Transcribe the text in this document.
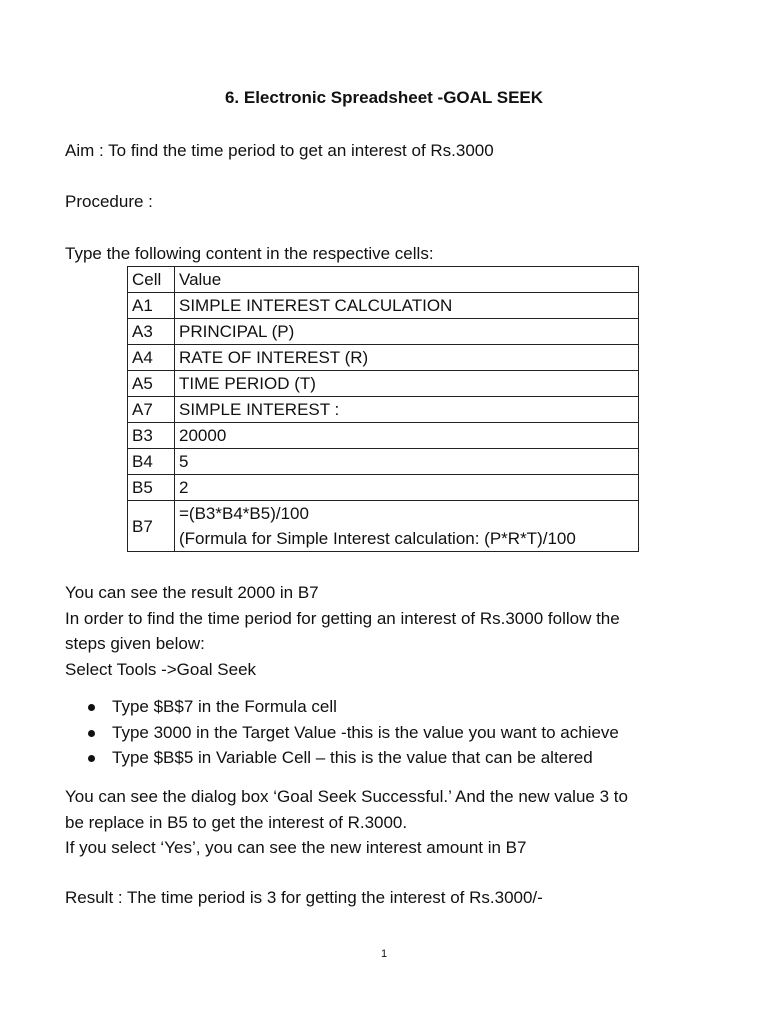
6. Electronic Spreadsheet -GOAL SEEK

Aim : To find the time period to get an interest of Rs.3000

Procedure :

Type the following content in the respective cells:

Cell	Value
A1	SIMPLE INTEREST CALCULATION
A3	PRINCIPAL (P)
A4	RATE OF INTEREST (R)
A5	TIME PERIOD (T)
A7	SIMPLE INTEREST :
B3	20000
B4	5
B5	2
B7	=(B3*B4*B5)/100
(Formula for Simple Interest calculation: (P*R*T)/100
You can see the result 2000 in B7
In order to find the time period for getting an interest of Rs.3000 follow the
steps given below:
Select Tools ->Goal Seek
Type $B$7 in the Formula cell
Type 3000 in the Target Value -this is the value you want to achieve
Type $B$5 in Variable Cell – this is the value that can be altered
You can see the dialog box ‘Goal Seek Successful.’ And the new value 3 to
be replace in B5 to get the interest of R.3000.
If you select ‘Yes’, you can see the new interest amount in B7

Result : The time period is 3 for getting the interest of Rs.3000/-

1
